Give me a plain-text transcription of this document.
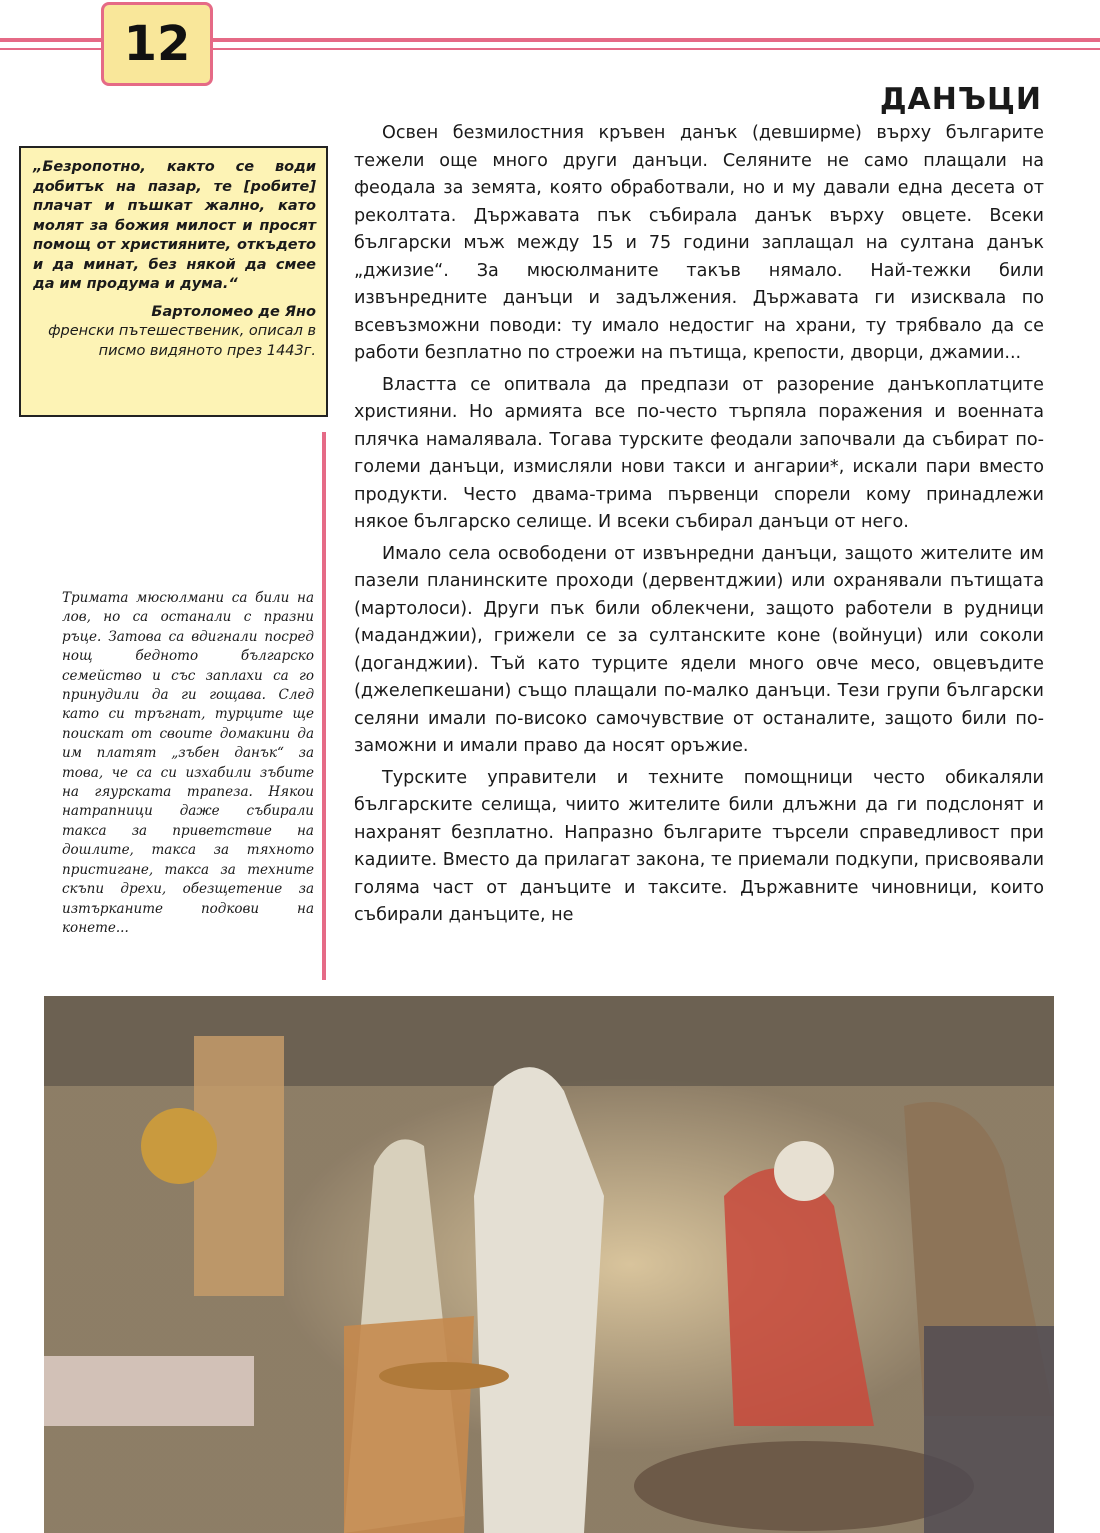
12
ДАНЪЦИ

„Безропотно, както се води добитък на пазар, те [робите] плачат и пъшкат жално, като молят за божия милост и просят помощ от християните, откъдето и да минат, без някой да смее да им продума и дума.“

Бартоломео де Яно

френски пътешественик, описал в писмо видяното през 1443г.

Тримата мюсюлмани са били на лов, но са останали с празни ръце. Затова са вдигнали посред нощ бедното българско семейство и със заплахи са го принудили да ги гощава. След като си тръгнат, турците ще поискат от своите домакини да им платят „зъбен данък“ за това, че са си изхабили зъбите на гяурската трапеза. Някои натрапници даже събирали такса за приветствие на дошлите, такса за тяхното пристигане, такса за техните скъпи дрехи, обезщетение за изтърканите подкови на конете...

Освен безмилостния кръвен данък (девширме) върху българите тежели още много други данъци. Селяните не само плащали на феодала за земята, която обработвали, но и му давали една десета от реколтата. Държавата пък събирала данък върху овцете. Всеки български мъж между 15 и 75 години заплащал на султана данък „джизие“. За мюсюлманите такъв нямало. Най-тежки били извънредните данъци и задължения. Държавата ги изисквала по всевъзможни поводи: ту имало недостиг на храни, ту трябвало да се работи безплатно по строежи на пътища, крепости, дворци, джамии...

Властта се опитвала да предпази от разорение данъкоплатците християни. Но армията все по-често търпяла поражения и военната плячка намалявала. Тогава турските феодали започвали да събират по-големи данъци, измисляли нови такси и ангарии*, искали пари вместо продукти. Често двама-трима първенци спорели кому принадлежи някое българско селище. И всеки събирал данъци от него.

Имало села освободени от извънредни данъци, защото жителите им пазели планинските проходи (дервентджии) или охранявали пътищата (мартолоси). Други пък били облекчени, защото работели в рудници (маданджии), грижели се за султанските коне (войнуци) или соколи (доганджии). Тъй като турците ядели много овче месо, овцевъдите (джелепкешани) също плащали по-малко данъци. Тези групи български селяни имали по-високо самочувствие от останалите, защото били по-заможни и имали право да носят оръжие.

Турските управители и техните помощници често обикаляли българските селища, чиито жителите били длъжни да ги подслонят и нахранят безплатно. Напразно българите търсели справедливост при кадиите. Вместо да прилагат закона, те приемали подкупи, присвоявали голяма част от данъците и таксите. Държавните чиновници, които събирали данъците, не
